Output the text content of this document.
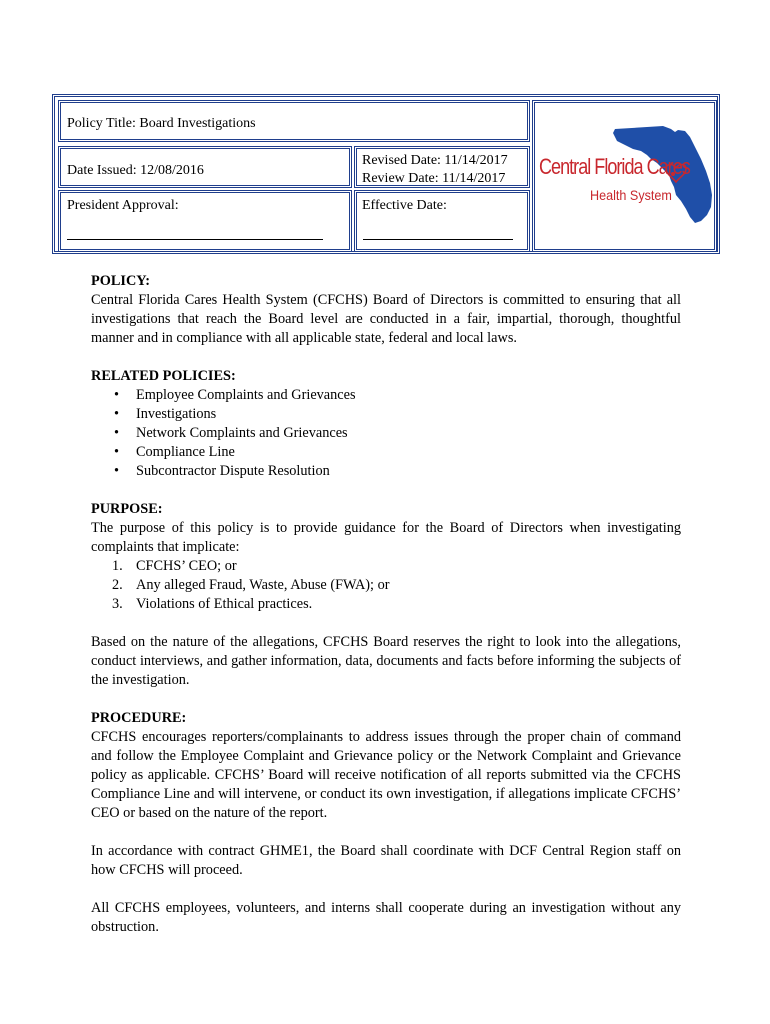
Policy Title: Board Investigations
Date Issued: 12/08/2016
Revised Date: 11/14/2017
Review Date: 11/14/2017
President Approval:	Effective Date:
Central Florida Cares
Health System
POLICY:

Central Florida Cares Health System (CFCHS) Board of Directors is committed to ensuring that all investigations that reach the Board level are conducted in a fair, impartial, thorough, thoughtful manner and in compliance with all applicable state, federal and local laws.

RELATED POLICIES:
• Employee Complaints and Grievances
• Investigations
• Network Complaints and Grievances
• Compliance Line
• Subcontractor Dispute Resolution
PURPOSE:

The purpose of this policy is to provide guidance for the Board of Directors when investigating complaints that implicate:

1. CFCHS’ CEO; or
2. Any alleged Fraud, Waste, Abuse (FWA); or
3. Violations of Ethical practices.

Based on the nature of the allegations, CFCHS Board reserves the right to look into the allegations, conduct interviews, and gather information, data, documents and facts before informing the subjects of the investigation.

PROCEDURE:

CFCHS encourages reporters/complainants to address issues through the proper chain of command and follow the Employee Complaint and Grievance policy or the Network Complaint and Grievance policy as applicable. CFCHS’ Board will receive notification of all reports submitted via the CFCHS Compliance Line and will intervene, or conduct its own investigation, if allegations implicate CFCHS’ CEO or based on the nature of the report.

In accordance with contract GHME1, the Board shall coordinate with DCF Central Region staff on how CFCHS will proceed.

All CFCHS employees, volunteers, and interns shall cooperate during an investigation without any obstruction.
